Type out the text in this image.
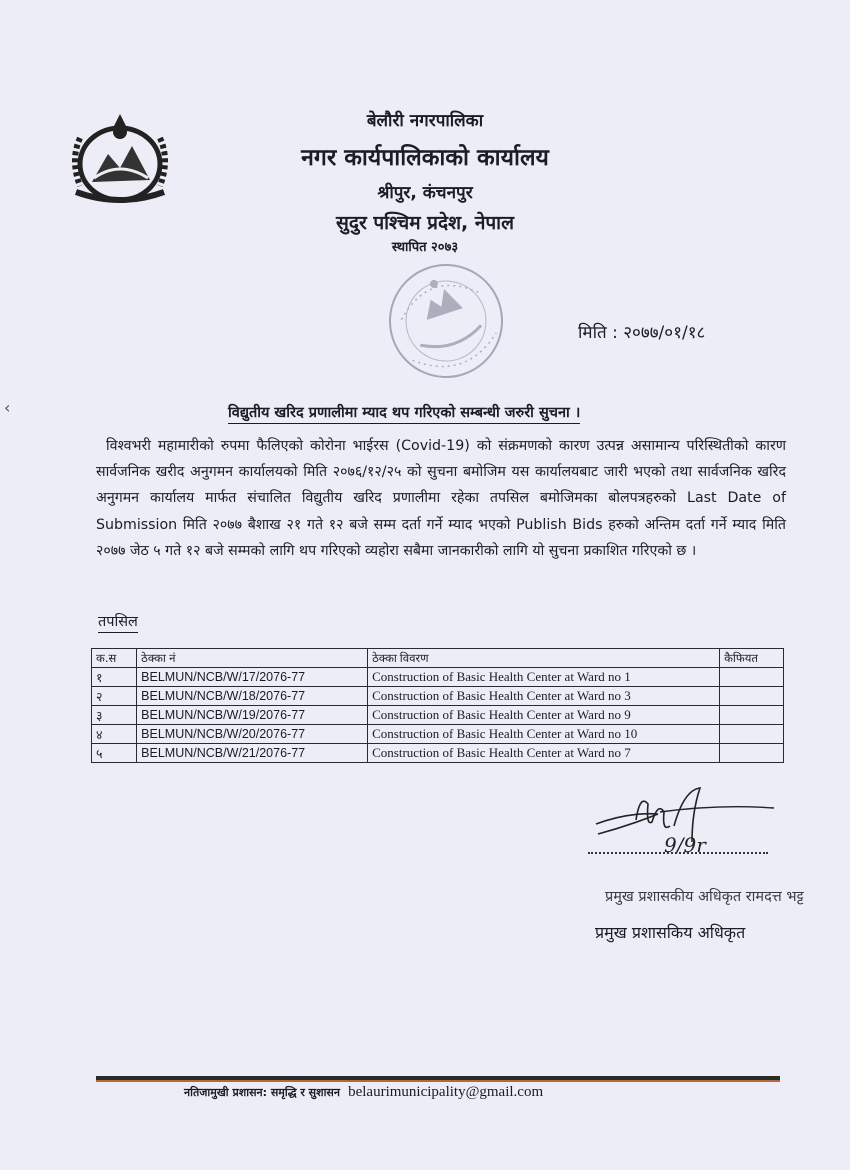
बेलौरी नगरपालिका
नगर कार्यपालिकाको कार्यालय
श्रीपुर, कंचनपुर
सुदुर पश्चिम प्रदेश, नेपाल
स्थापित २०७३
मिति : २०७७/०१/१८
‹	विद्युतीय खरिद प्रणालीमा म्याद थप गरिएको सम्बन्धी जरुरी सुचना ।

विश्वभरी महामारीको रुपमा फैलिएको कोरोना भाईरस (Covid-19) को संक्रमणको कारण उत्पन्न असामान्य परिस्थितीको कारण सार्वजनिक खरीद अनुगमन कार्यालयको मिति २०७६/१२/२५ को सुचना बमोजिम यस कार्यालयबाट जारी भएको तथा सार्वजनिक खरिद अनुगमन कार्यालय मार्फत संचालित विद्युतीय खरिद प्रणालीमा रहेका तपसिल बमोजिमका बोलपत्रहरुको Last Date of Submission मिति २०७७ बैशाख २१ गते १२ बजे सम्म दर्ता गर्ने म्याद भएको Publish Bids हरुको अन्तिम दर्ता गर्ने म्याद मिति २०७७ जेठ ५ गते १२ बजे सम्मको लागि थप गरिएको व्यहोरा सबैमा जानकारीको लागि यो सुचना प्रकाशित गरिएको छ ।

तपसिल
क.स	ठेक्का नं	ठेक्का विवरण	कैफियत
१	BELMUN/NCB/W/17/2076-77	Construction of Basic Health Center at Ward no 1	
२	BELMUN/NCB/W/18/2076-77	Construction of Basic Health Center at Ward no 3	
३	BELMUN/NCB/W/19/2076-77	Construction of Basic Health Center at Ward no 9	
४	BELMUN/NCB/W/20/2076-77	Construction of Basic Health Center at Ward no 10	
५	BELMUN/NCB/W/21/2076-77	Construction of Basic Health Center at Ward no 7	
9/9r
प्रमुख प्रशासकीय अधिकृत रामदत्त भट्ट
प्रमुख प्रशासकिय अधिकृत
नतिजामुखी प्रशासन: समृद्धि र सुशासन belaurimunicipality@gmail.com
